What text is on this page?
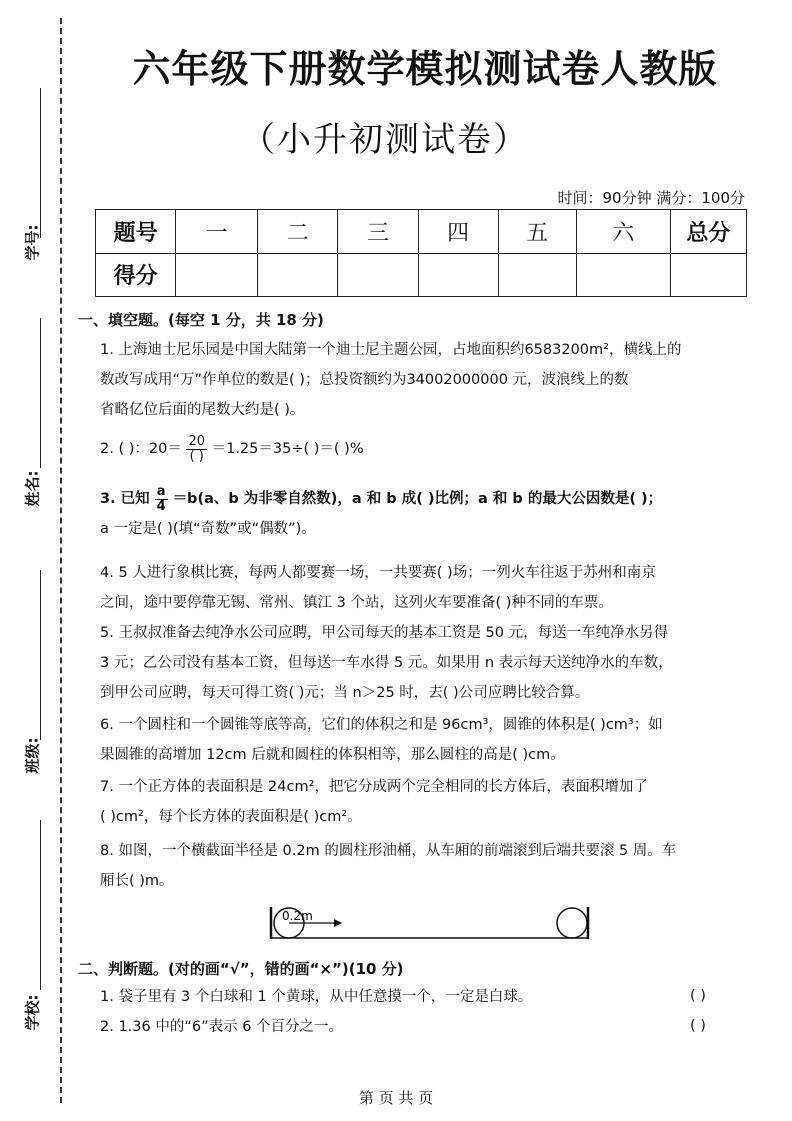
学号:
姓名:
班级:
学校:
六年级下册数学模拟测试卷人教版
（小升初测试卷）
时间：90分钟 满分：100分
题号	一	二	三	四	五	六	总分
得分							
一、填空题。(每空 1 分，共 18 分)
1. 上海迪士尼乐园是中国大陆第一个迪士尼主题公园，占地面积约6583200m²，横线上的
数改写成用“万”作单位的数是( )；总投资额约为34002000000 元，波浪线上的数
省略亿位后面的尾数大约是( )。
2. ( )：$20= \frac{20}{( )} =1.25=35\div$( )＝( )%
3. 已知 $\frac{a}{4} =b(a$、b 为非零自然数)，a 和 b 成( )比例；a 和 b 的最大公因数是( )；
a 一定是( )(填“奇数”或“偶数”)。
4. 5 人进行象棋比赛，每两人都要赛一场，一共要赛( )场；一列火车往返于苏州和南京
之间，途中要停靠无锡、常州、镇江 3 个站，这列火车要准备( )种不同的车票。
5. 王叔叔准备去纯净水公司应聘，甲公司每天的基本工资是 50 元，每送一车纯净水另得
3 元；乙公司没有基本工资，但每送一车水得 5 元。如果用 n 表示每天送纯净水的车数，
到甲公司应聘，每天可得工资( )元；当 n＞25 时，去( )公司应聘比较合算。
6. 一个圆柱和一个圆锥等底等高，它们的体积之和是 96cm³，圆锥的体积是( )cm³；如
果圆锥的高增加 12cm 后就和圆柱的体积相等，那么圆柱的高是( )cm。
7. 一个正方体的表面积是 24cm²，把它分成两个完全相同的长方体后，表面积增加了
( )cm²，每个长方体的表面积是( )cm²。
8. 如图，一个横截面半径是 0.2m 的圆柱形油桶，从车厢的前端滚到后端共要滚 5 周。车
厢长( )m。
0.2m
二、判断题。(对的画“√”，错的画“×”)(10 分)
1. 袋子里有 3 个白球和 1 个黄球，从中任意摸一个，一定是白球。	( )
2. 1.36 中的“6”表示 6 个百分之一。	( )
第 页 共 页
